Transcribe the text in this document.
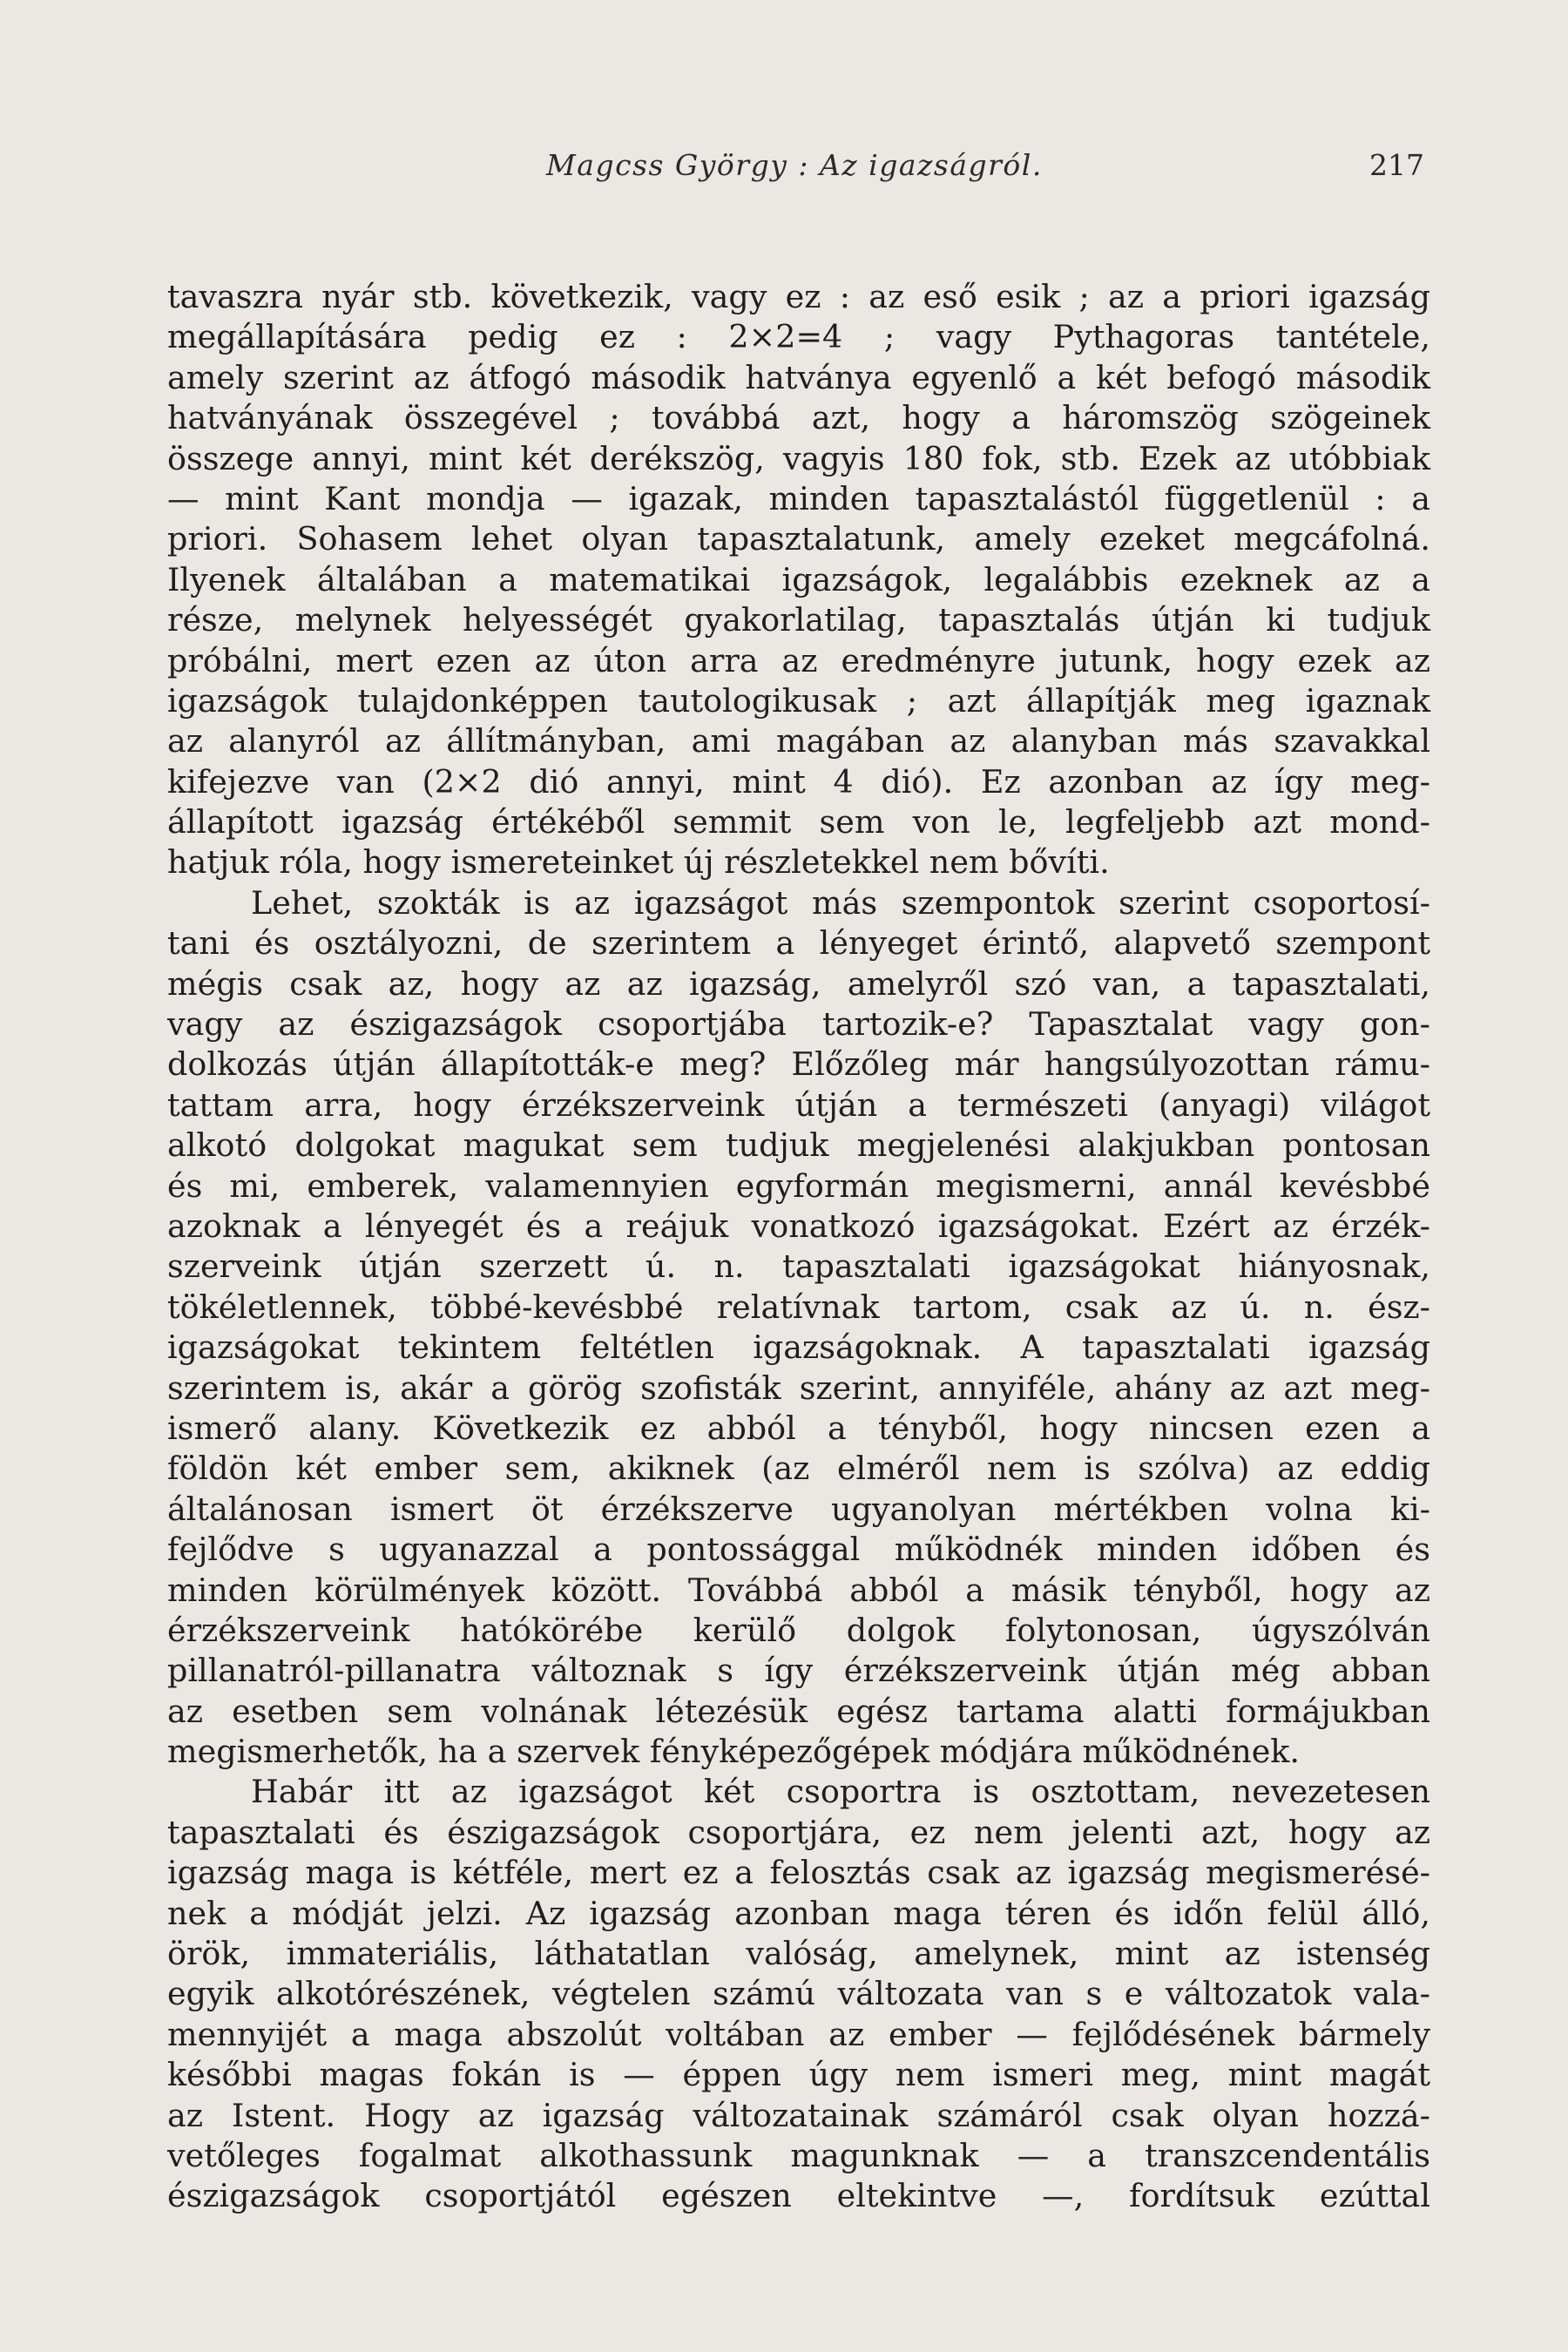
Magcss György : Az igazságról.	217
tavaszra nyár stb. következik, vagy ez : az eső esik ; az a priori igazság
megállapítására pedig ez : 2×2=4 ; vagy Pythagoras tantétele,
amely szerint az átfogó második hatványa egyenlő a két befogó második
hatványának összegével ; továbbá azt, hogy a háromszög szögeinek
összege annyi, mint két derékszög, vagyis 180 fok, stb. Ezek az utóbbiak
— mint Kant mondja — igazak, minden tapasztalástól függetlenül : a
priori. Sohasem lehet olyan tapasztalatunk, amely ezeket megcáfolná.
Ilyenek általában a matematikai igazságok, legalábbis ezeknek az a
része, melynek helyességét gyakorlatilag, tapasztalás útján ki tudjuk
próbálni, mert ezen az úton arra az eredményre jutunk, hogy ezek az
igazságok tulajdonképpen tautologikusak ; azt állapítják meg igaznak
az alanyról az állítmányban, ami magában az alanyban más szavakkal
kifejezve van (2×2 dió annyi, mint 4 dió). Ez azonban az így meg-
állapított igazság értékéből semmit sem von le, legfeljebb azt mond-
hatjuk róla, hogy ismereteinket új részletekkel nem bővíti.
Lehet, szokták is az igazságot más szempontok szerint csoportosí-
tani és osztályozni, de szerintem a lényeget érintő, alapvető szempont
mégis csak az, hogy az az igazság, amelyről szó van, a tapasztalati,
vagy az észigazságok csoportjába tartozik-e? Tapasztalat vagy gon-
dolkozás útján állapították-e meg? Előzőleg már hangsúlyozottan rámu-
tattam arra, hogy érzékszerveink útján a természeti (anyagi) világot
alkotó dolgokat magukat sem tudjuk megjelenési alakjukban pontosan
és mi, emberek, valamennyien egyformán megismerni, annál kevésbbé
azoknak a lényegét és a reájuk vonatkozó igazságokat. Ezért az érzék-
szerveink útján szerzett ú. n. tapasztalati igazságokat hiányosnak,
tökéletlennek, többé-kevésbbé relatívnak tartom, csak az ú. n. ész-
igazságokat tekintem feltétlen igazságoknak. A tapasztalati igazság
szerintem is, akár a görög szofisták szerint, annyiféle, ahány az azt meg-
ismerő alany. Következik ez abból a tényből, hogy nincsen ezen a
földön két ember sem, akiknek (az elméről nem is szólva) az eddig
általánosan ismert öt érzékszerve ugyanolyan mértékben volna ki-
fejlődve s ugyanazzal a pontossággal működnék minden időben és
minden körülmények között. Továbbá abból a másik tényből, hogy az
érzékszerveink hatókörébe kerülő dolgok folytonosan, úgyszólván
pillanatról-pillanatra változnak s így érzékszerveink útján még abban
az esetben sem volnának létezésük egész tartama alatti formájukban
megismerhetők, ha a szervek fényképezőgépek módjára működnének.
Habár itt az igazságot két csoportra is osztottam, nevezetesen
tapasztalati és észigazságok csoportjára, ez nem jelenti azt, hogy az
igazság maga is kétféle, mert ez a felosztás csak az igazság megismerésé-
nek a módját jelzi. Az igazság azonban maga téren és időn felül álló,
örök, immateriális, láthatatlan valóság, amelynek, mint az istenség
egyik alkotórészének, végtelen számú változata van s e változatok vala-
mennyijét a maga abszolút voltában az ember — fejlődésének bármely
későbbi magas fokán is — éppen úgy nem ismeri meg, mint magát
az Istent. Hogy az igazság változatainak számáról csak olyan hozzá-
vetőleges fogalmat alkothassunk magunknak — a transzcendentális
észigazságok csoportjától egészen eltekintve —, fordítsuk ezúttal
